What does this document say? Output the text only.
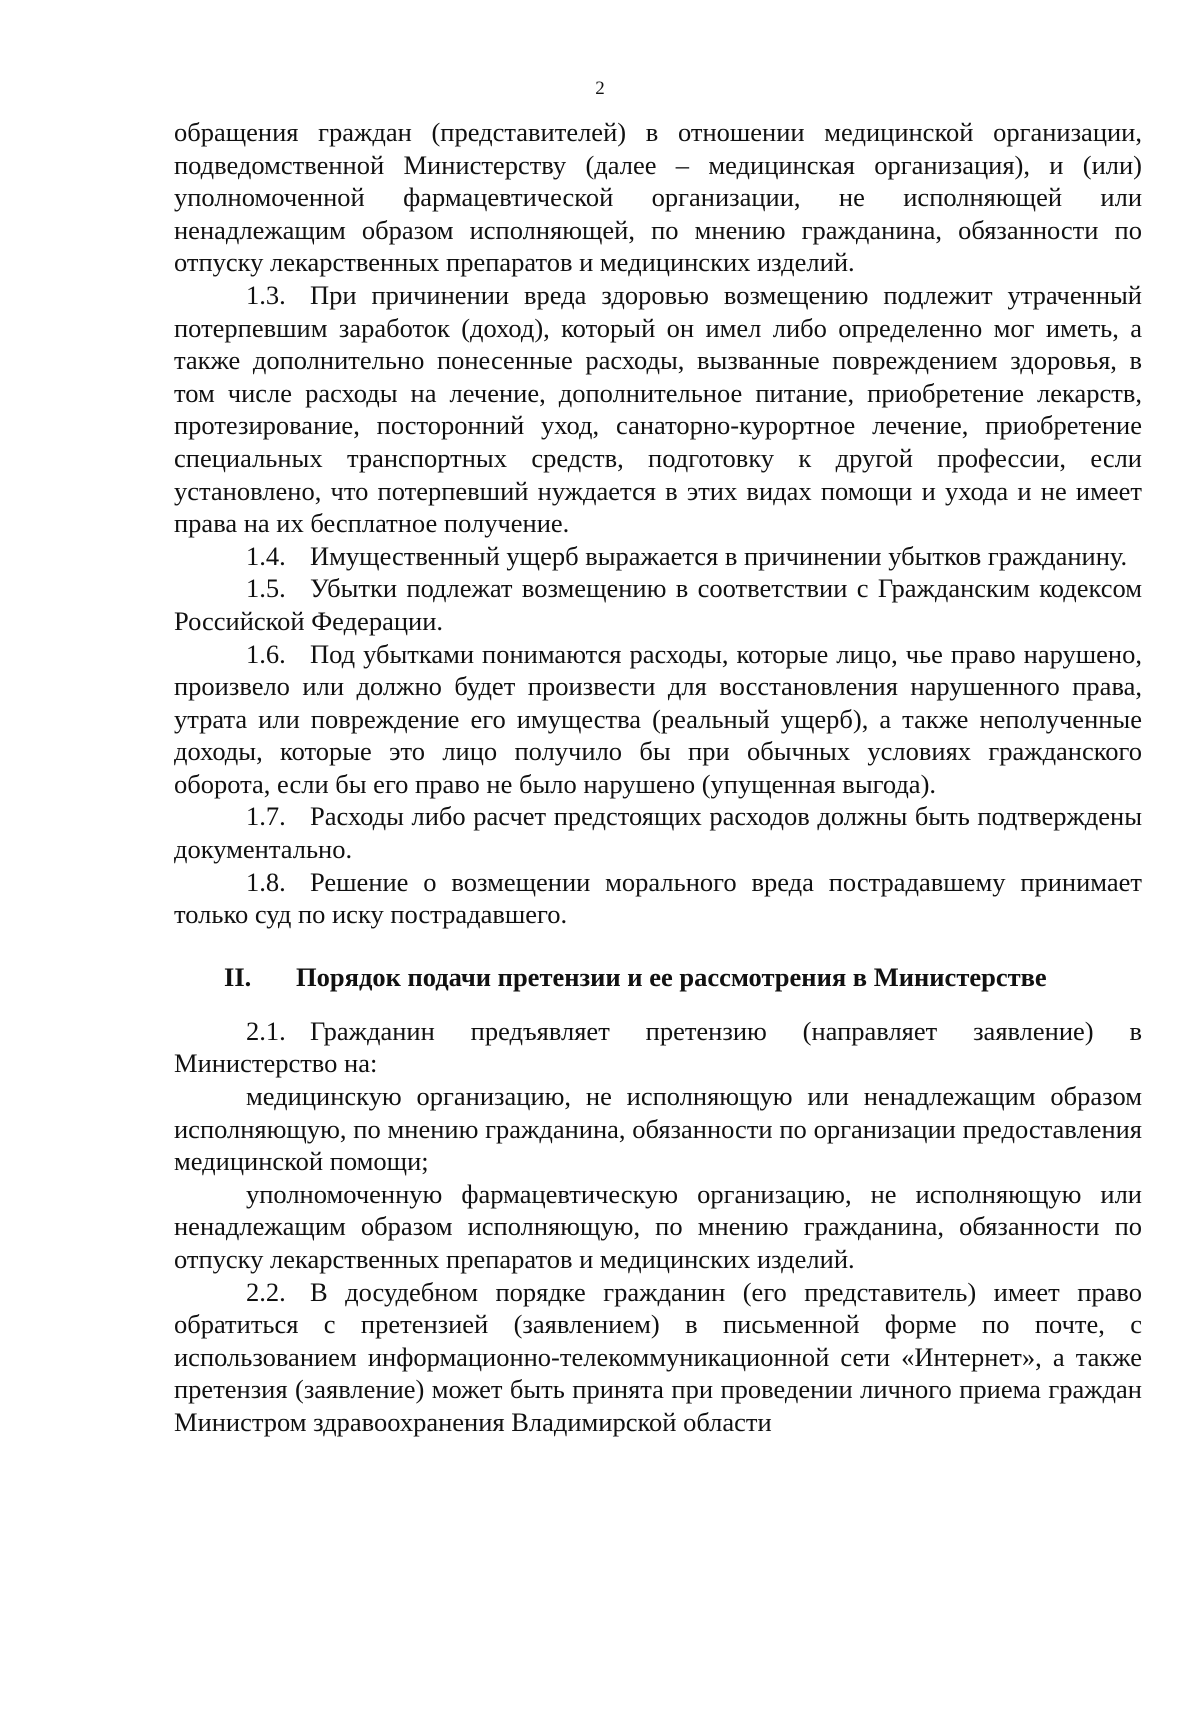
2

обращения граждан (представителей) в отношении медицинской организации, подведомственной Министерству (далее – медицинская организация), и (или) уполномоченной фармацевтической организации, не исполняющей или ненадлежащим образом исполняющей, по мнению гражданина, обязанности по отпуску лекарственных препаратов и медицинских изделий.

1.3. При причинении вреда здоровью возмещению подлежит утраченный потерпевшим заработок (доход), который он имел либо определенно мог иметь, а также дополнительно понесенные расходы, вызванные повреждением здоровья, в том числе расходы на лечение, дополнительное питание, приобретение лекарств, протезирование, посторонний уход, санаторно-курортное лечение, приобретение специальных транспортных средств, подготовку к другой профессии, если установлено, что потерпевший нуждается в этих видах помощи и ухода и не имеет права на их бесплатное получение.

1.4. Имущественный ущерб выражается в причинении убытков гражданину.

1.5. Убытки подлежат возмещению в соответствии с Гражданским кодексом Российской Федерации.

1.6. Под убытками понимаются расходы, которые лицо, чье право нарушено, произвело или должно будет произвести для восстановления нарушенного права, утрата или повреждение его имущества (реальный ущерб), а также неполученные доходы, которые это лицо получило бы при обычных условиях гражданского оборота, если бы его право не было нарушено (упущенная выгода).

1.7. Расходы либо расчет предстоящих расходов должны быть подтверждены документально.

1.8. Решение о возмещении морального вреда пострадавшему принимает только суд по иску пострадавшего.

II. Порядок подачи претензии и ее рассмотрения в Министерстве

2.1. Гражданин предъявляет претензию (направляет заявление) в Министерство на:

медицинскую организацию, не исполняющую или ненадлежащим образом исполняющую, по мнению гражданина, обязанности по организации предоставления медицинской помощи;

уполномоченную фармацевтическую организацию, не исполняющую или ненадлежащим образом исполняющую, по мнению гражданина, обязанности по отпуску лекарственных препаратов и медицинских изделий.

2.2. В досудебном порядке гражданин (его представитель) имеет право обратиться с претензией (заявлением) в письменной форме по почте, с использованием информационно-телекоммуникационной сети «Интернет», а также претензия (заявление) может быть принята при проведении личного приема граждан Министром здравоохранения Владимирской области
